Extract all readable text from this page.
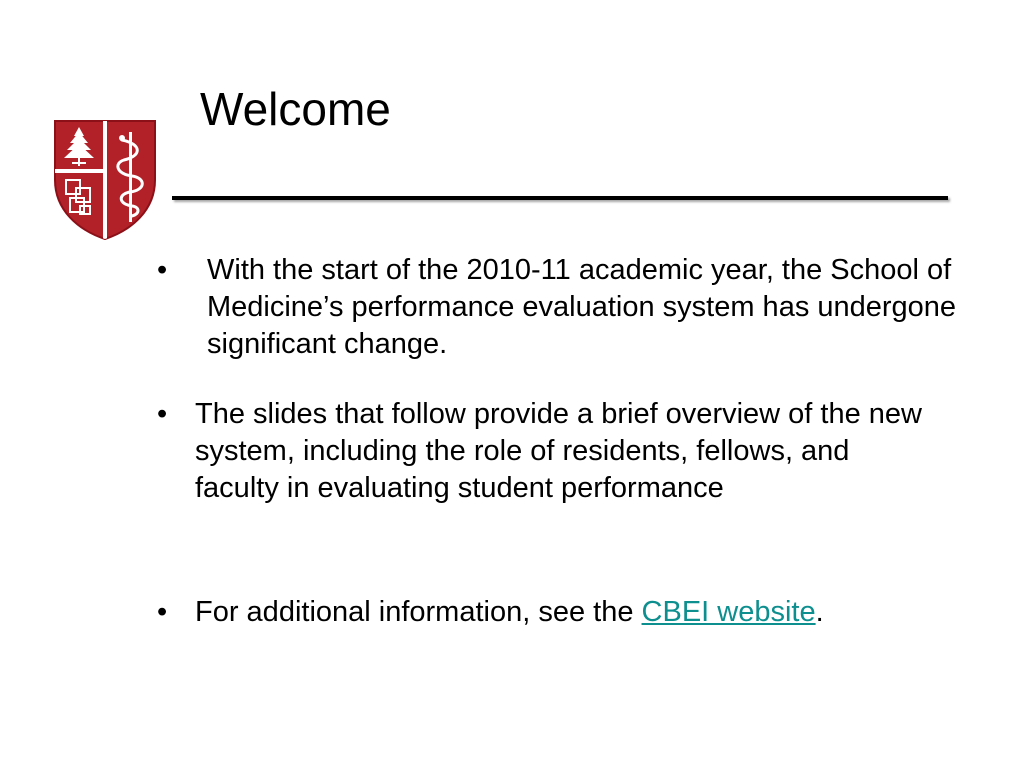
Welcome
• With the start of the 2010-11 academic year, the School of Medicine’s performance evaluation system has undergone significant change.
• The slides that follow provide a brief overview of the new system, including the role of residents, fellows, and faculty in evaluating student performance
• For additional information, see the CBEI website.
